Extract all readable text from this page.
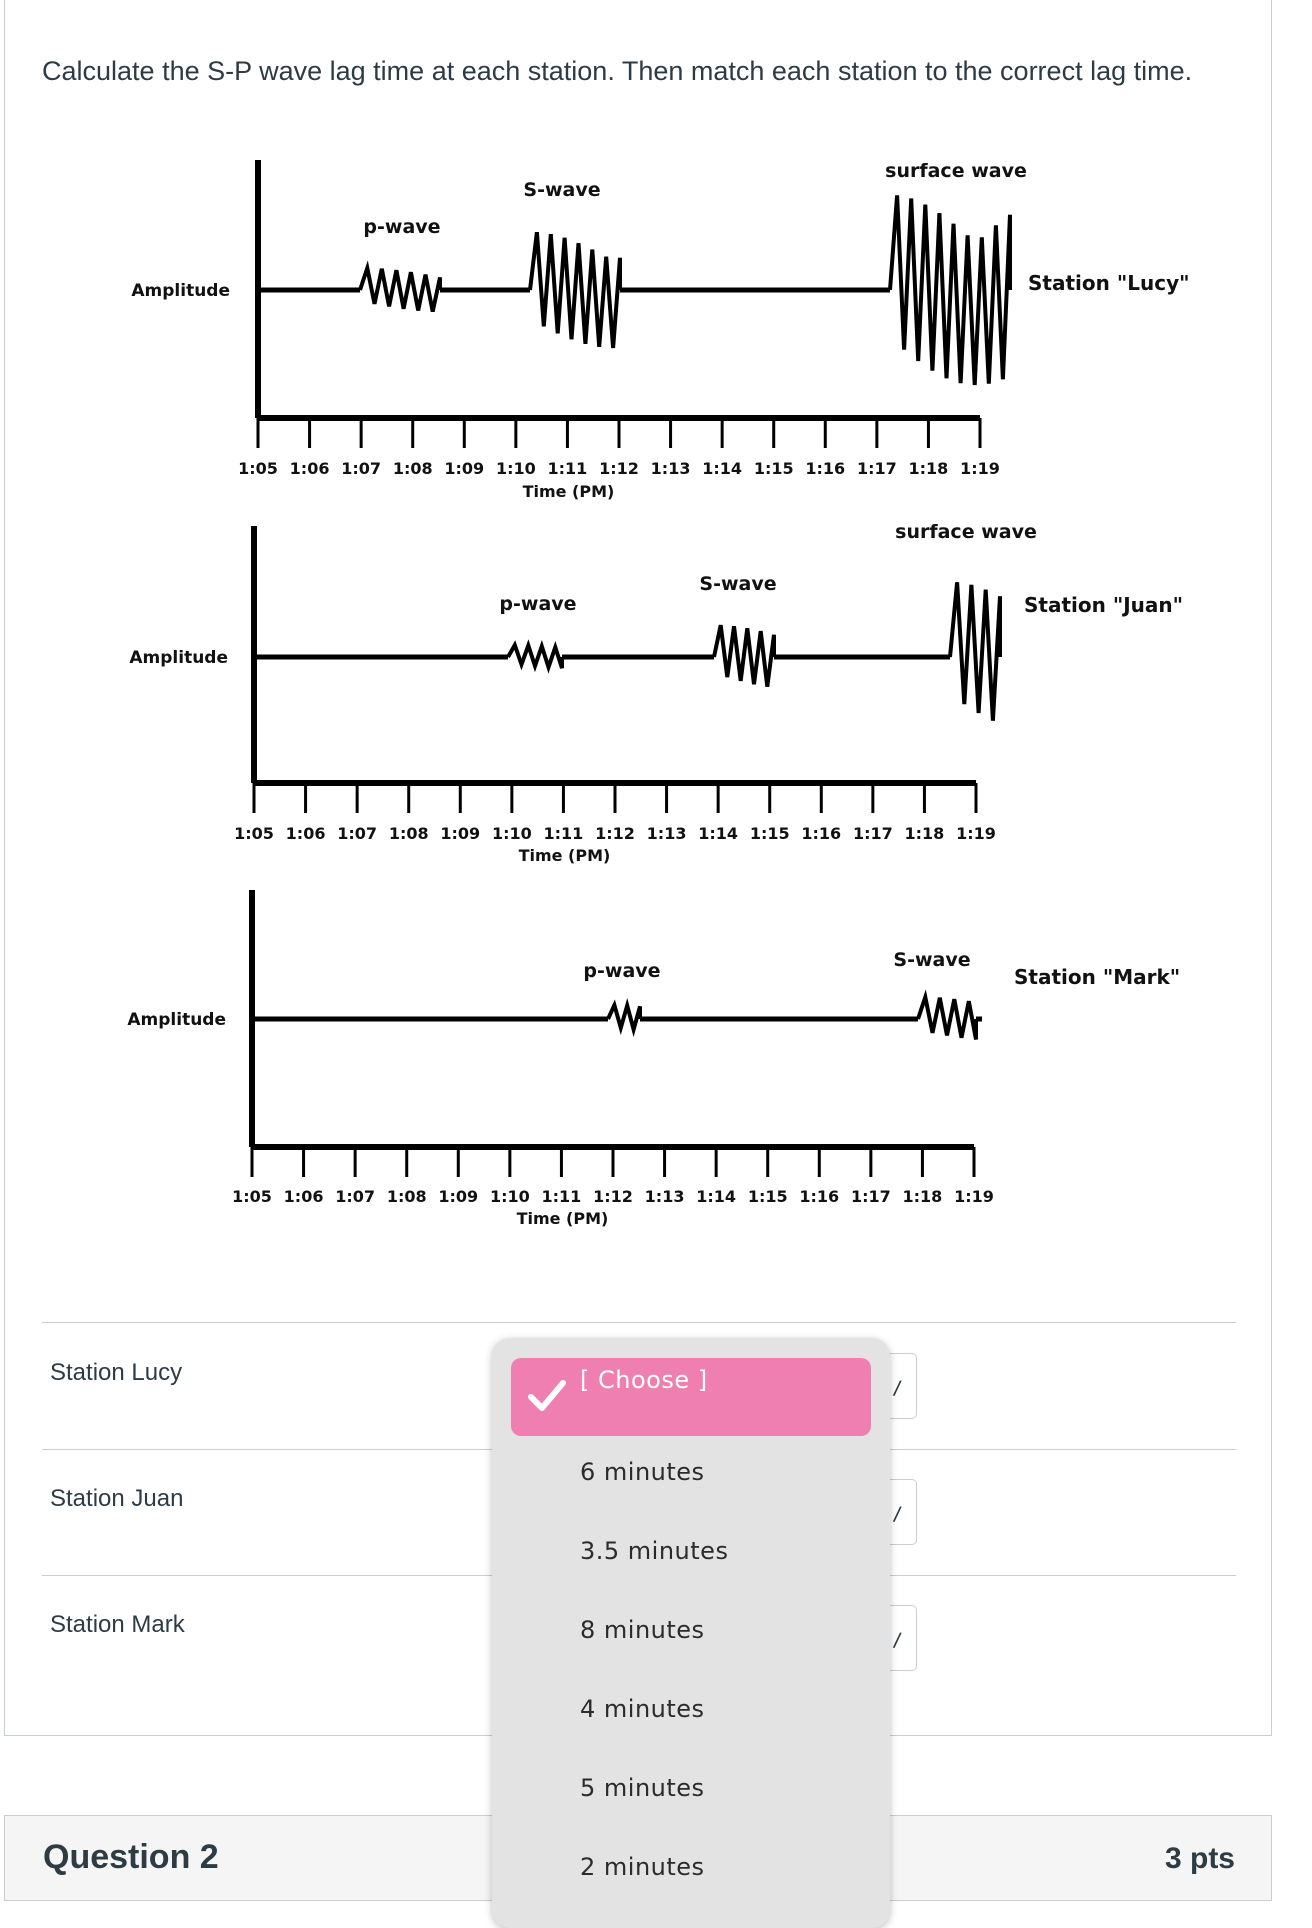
Calculate the S-P wave lag time at each station. Then match each station to the correct lag time.

Amplitude
1:05 1:06 1:07 1:08 1:09 1:10 1:11 1:12 1:13 1:14 1:15 1:16 1:17 1:18 1:19
Time (PM)
p-wave
S-wave
surface wave
Station "Lucy"
Amplitude
1:05 1:06 1:07 1:08 1:09 1:10 1:11 1:12 1:13 1:14 1:15 1:16 1:17 1:18 1:19
Time (PM)
p-wave
S-wave
surface wave
Station "Juan"
Amplitude
1:05 1:06 1:07 1:08 1:09 1:10 1:11 1:12 1:13 1:14 1:15 1:16 1:17 1:18 1:19
Time (PM)
p-wave	S-wave
Station "Mark"
Station Lucy
/
Station Juan
/
Station Mark
/
Question 2	3 pts
[ Choose ]
6 minutes
3.5 minutes
8 minutes
4 minutes
5 minutes
2 minutes
